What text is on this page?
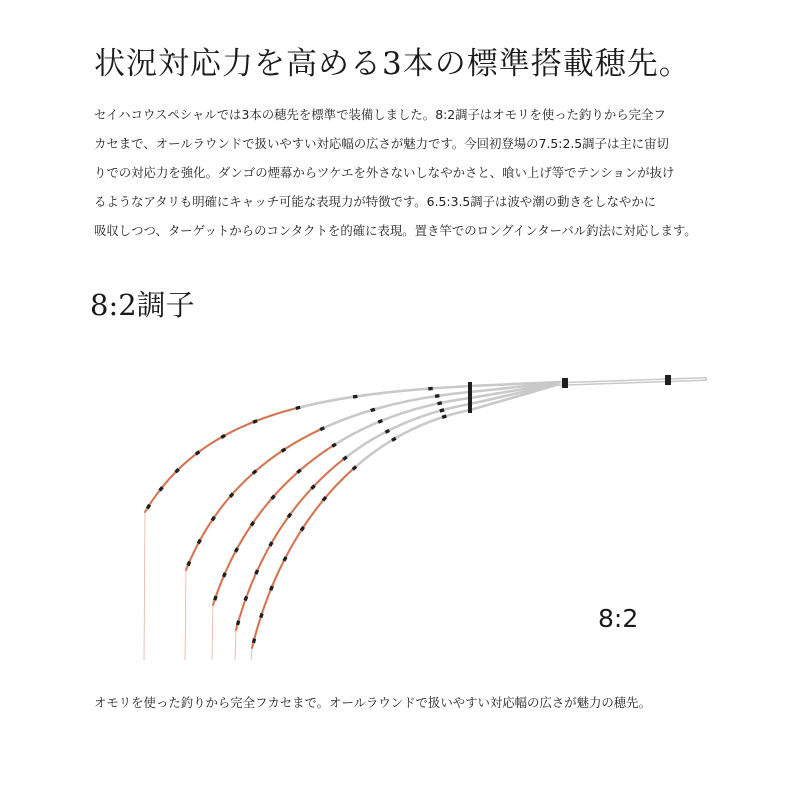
状況対応力を高める3本の標準搭載穂先。
セイハコウスペシャルでは3本の穂先を標準で装備しました。8:2調子はオモリを使った釣りから完全フ
カセまで、オールラウンドで扱いやすい対応幅の広さが魅力です。今回初登場の7.5:2.5調子は主に宙切
りでの対応力を強化。ダンゴの煙幕からツケエを外さないしなやかさと、喰い上げ等でテンションが抜け
るようなアタリも明確にキャッチ可能な表現力が特徴です。6.5:3.5調子は波や潮の動きをしなやかに
吸収しつつ、ターゲットからのコンタクトを的確に表現。置き竿でのロングインターバル釣法に対応します。
8:2調子
8:2

オモリを使った釣りから完全フカセまで。オールラウンドで扱いやすい対応幅の広さが魅力の穂先。
